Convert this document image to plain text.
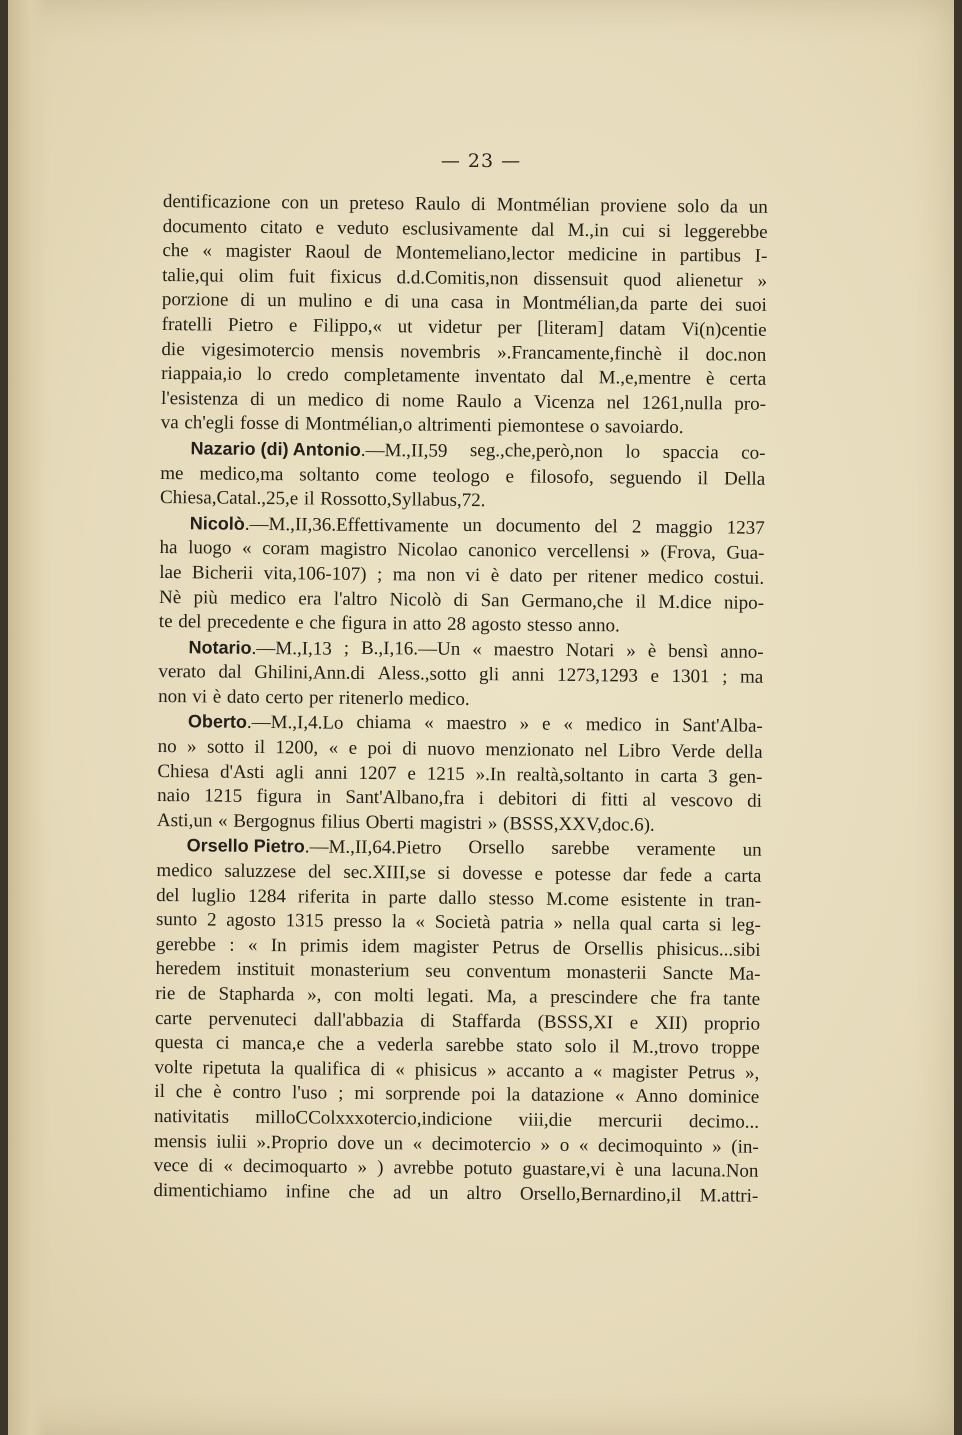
— 23 —
dentificazione con un preteso Raulo di Montmélian proviene solo da un
documento citato e veduto esclusivamente dal M.,in cui si leggerebbe
che « magister Raoul de Montemeliano,lector medicine in partibus I-
talie,qui olim fuit fixicus d.d.Comitis,non dissensuit quod alienetur »
porzione di un mulino e di una casa in Montmélian,da parte dei suoi
fratelli Pietro e Filippo,« ut videtur per [literam] datam Vi(n)centie
die vigesimotercio mensis novembris ».Francamente,finchè il doc.non
riappaia,io lo credo completamente inventato dal M.,e,mentre è certa
l'esistenza di un medico di nome Raulo a Vicenza nel 1261,nulla pro-
va ch'egli fosse di Montmélian,o altrimenti piemontese o savoiardo.
Nazario (di) Antonio.—M.,II,59 seg.,che,però,non lo spaccia co-
me medico,ma soltanto come teologo e filosofo, seguendo il Della
Chiesa,Catal.,25,e il Rossotto,Syllabus,72.
Nicolò.—M.,II,36.Effettivamente un documento del 2 maggio 1237
ha luogo « coram magistro Nicolao canonico vercellensi » (Frova, Gua-
lae Bicherii vita,106-107) ; ma non vi è dato per ritener medico costui.
Nè più medico era l'altro Nicolò di San Germano,che il M.dice nipo-
te del precedente e che figura in atto 28 agosto stesso anno.
Notario.—M.,I,13 ; B.,I,16.—Un « maestro Notari » è bensì anno-
verato dal Ghilini,Ann.di Aless.,sotto gli anni 1273,1293 e 1301 ; ma
non vi è dato certo per ritenerlo medico.
Oberto.—M.,I,4.Lo chiama « maestro » e « medico in Sant'Alba-
no » sotto il 1200, « e poi di nuovo menzionato nel Libro Verde della
Chiesa d'Asti agli anni 1207 e 1215 ».In realtà,soltanto in carta 3 gen-
naio 1215 figura in Sant'Albano,fra i debitori di fitti al vescovo di
Asti,un « Bergognus filius Oberti magistri » (BSSS,XXV,doc.6).
Orsello Pietro.—M.,II,64.Pietro Orsello sarebbe veramente un
medico saluzzese del sec.XIII,se si dovesse e potesse dar fede a carta
del luglio 1284 riferita in parte dallo stesso M.come esistente in tran-
sunto 2 agosto 1315 presso la « Società patria » nella qual carta si leg-
gerebbe : « In primis idem magister Petrus de Orsellis phisicus...sibi
heredem instituit monasterium seu conventum monasterii Sancte Ma-
rie de Stapharda », con molti legati. Ma, a prescindere che fra tante
carte pervenuteci dall'abbazia di Staffarda (BSSS,XI e XII) proprio
questa ci manca,e che a vederla sarebbe stato solo il M.,trovo troppe
volte ripetuta la qualifica di « phisicus » accanto a « magister Petrus »,
il che è contro l'uso ; mi sorprende poi la datazione « Anno dominice
nativitatis milloCColxxxotercio,indicione viii,die mercurii decimo...
mensis iulii ».Proprio dove un « decimotercio » o « decimoquinto » (in-
vece di « decimoquarto » ) avrebbe potuto guastare,vi è una lacuna.Non
dimentichiamo infine che ad un altro Orsello,Bernardino,il M.attri-
